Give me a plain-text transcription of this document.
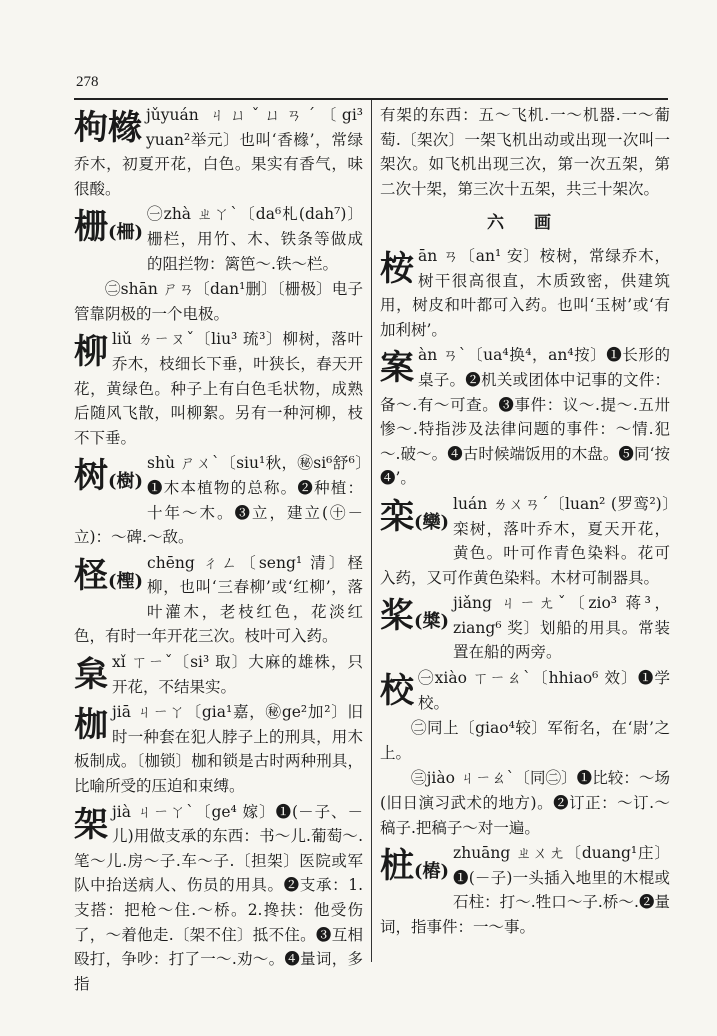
278
枸橼 jǔyuán ㄐㄩˇㄩㄢˊ〔gi³ yuan²举元〕也叫‘香橼’，常绿乔木，初夏开花，白色。果实有香气，味很酸。
栅(柵)
㊀zhà ㄓㄚˋ〔da⁶札(dah⁷)〕栅栏，用竹、木、铁条等做成的阻拦物：篱笆～.铁～栏。
㊁shān ㄕㄢ〔dan¹删〕〔栅极〕电子管靠阴极的一个电极。
柳liǔ ㄌㄧㄡˇ〔liu³ 琉³〕柳树，落叶乔木，枝细长下垂，叶狭长，春天开花，黄绿色。种子上有白色毛状物，成熟后随风飞散，叫柳絮。另有一种河柳，枝不下垂。
树(樹)
shù ㄕㄨˋ〔siu¹秋，㊙si⁶舒⁶〕❶木本植物的总称。❷种植：十年～木。❸立，建立(㊉－立)：～碑.～敌。
柽(檉)
chēng ㄔㄥ〔seng¹ 清〕柽柳，也叫‘三春柳’或‘红柳’，落叶灌木，老枝红色，花淡红色，有时一年开花三次。枝叶可入药。
枲xǐ ㄒㄧˇ〔si³ 取〕大麻的雄株，只开花，不结果实。
枷jiā ㄐㄧㄚ〔gia¹嘉，㊙ge²加²〕旧时一种套在犯人脖子上的刑具，用木板制成。〔枷锁〕枷和锁是古时两种刑具，比喻所受的压迫和束缚。
架jià ㄐㄧㄚˋ〔ge⁴ 嫁〕❶(－子、－儿)用做支承的东西：书～儿.葡萄～.笔～儿.房～子.车～子.〔担架〕医院或军队中抬送病人、伤员的用具。❷支承：1.支搭：把枪～住.～桥。2.搀扶：他受伤了，～着他走.〔架不住〕抵不住。❸互相殴打，争吵：打了一～.劝～。❹量词，多指
有架的东西：五～飞机.一～机器.一～葡萄.〔架次〕一架飞机出动或出现一次叫一架次。如飞机出现三次，第一次五架，第二次十架，第三次十五架，共三十架次。
六 画
桉ān ㄢ〔an¹ 安〕桉树，常绿乔木，树干很高很直，木质致密，供建筑用，树皮和叶都可入药。也叫‘玉树’或‘有加利树’。
案àn ㄢˋ〔ua⁴换⁴，an⁴按〕❶长形的桌子。❷机关或团体中记事的文件：备～.有～可查。❸事件：议～.提～.五卅惨～.特指涉及法律问题的事件：～情.犯～.破～。❹古时候端饭用的木盘。❺同‘按❹’。
栾(欒)
luán ㄌㄨㄢˊ〔luan² (罗鸾²)〕栾树，落叶乔木，夏天开花，黄色。叶可作青色染料。花可入药，又可作黄色染料。木材可制器具。
桨(槳)
jiǎng ㄐㄧㄤˇ〔zio³ 蒋³，ziang⁶ 奖〕划船的用具。常装置在船的两旁。
校 ㊀xiào ㄒㄧㄠˋ〔hhiao⁶ 效〕❶学校。
㊁同上〔giao⁴较〕军衔名，在‘尉’之上。
㊂jiào ㄐㄧㄠˋ〔同㊁〕❶比较：～场(旧日演习武术的地方)。❷订正：～订.～稿子.把稿子～对一遍。
桩(樁)
zhuāng ㄓㄨㄤ〔duang¹庄〕❶(－子)一头插入地里的木棍或石柱：打～.牲口～子.桥～.❷量词，指事件：一～事。
